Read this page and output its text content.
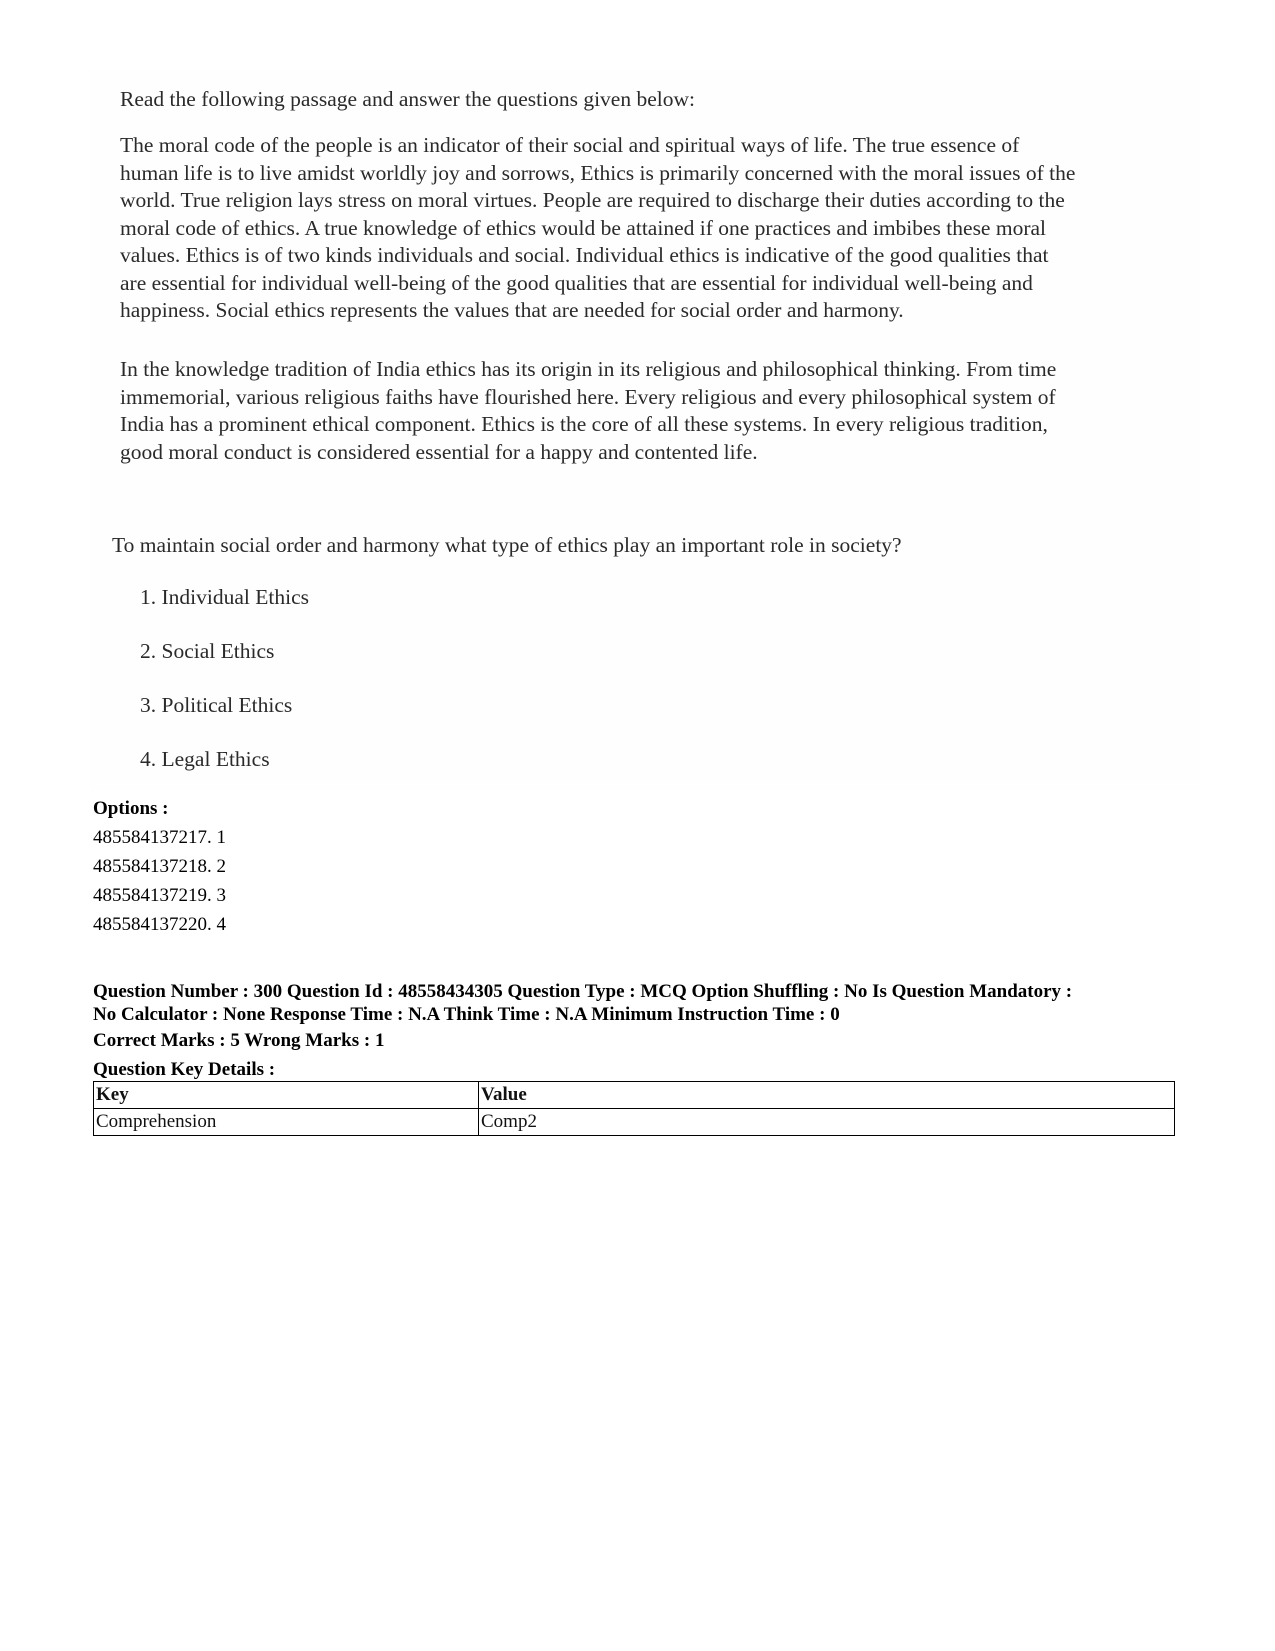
Read the following passage and answer the questions given below:

The moral code of the people is an indicator of their social and spiritual ways of life. The true essence of
human life is to live amidst worldly joy and sorrows, Ethics is primarily concerned with the moral issues of the
world. True religion lays stress on moral virtues. People are required to discharge their duties according to the
moral code of ethics. A true knowledge of ethics would be attained if one practices and imbibes these moral
values. Ethics is of two kinds individuals and social. Individual ethics is indicative of the good qualities that
are essential for individual well-being of the good qualities that are essential for individual well-being and
happiness. Social ethics represents the values that are needed for social order and harmony.
In the knowledge tradition of India ethics has its origin in its religious and philosophical thinking. From time
immemorial, various religious faiths have flourished here. Every religious and every philosophical system of
India has a prominent ethical component. Ethics is the core of all these systems. In every religious tradition,
good moral conduct is considered essential for a happy and contented life.

To maintain social order and harmony what type of ethics play an important role in society?

1. Individual Ethics

2. Social Ethics

3. Political Ethics

4. Legal Ethics

Options :

485584137217. 1
485584137218. 2
485584137219. 3
485584137220. 4
Question Number : 300 Question Id : 48558434305 Question Type : MCQ Option Shuffling : No Is Question Mandatory :
No Calculator : None Response Time : N.A Think Time : N.A Minimum Instruction Time : 0

Correct Marks : 5 Wrong Marks : 1

Question Key Details :

Key	Value
Comprehension	Comp2
